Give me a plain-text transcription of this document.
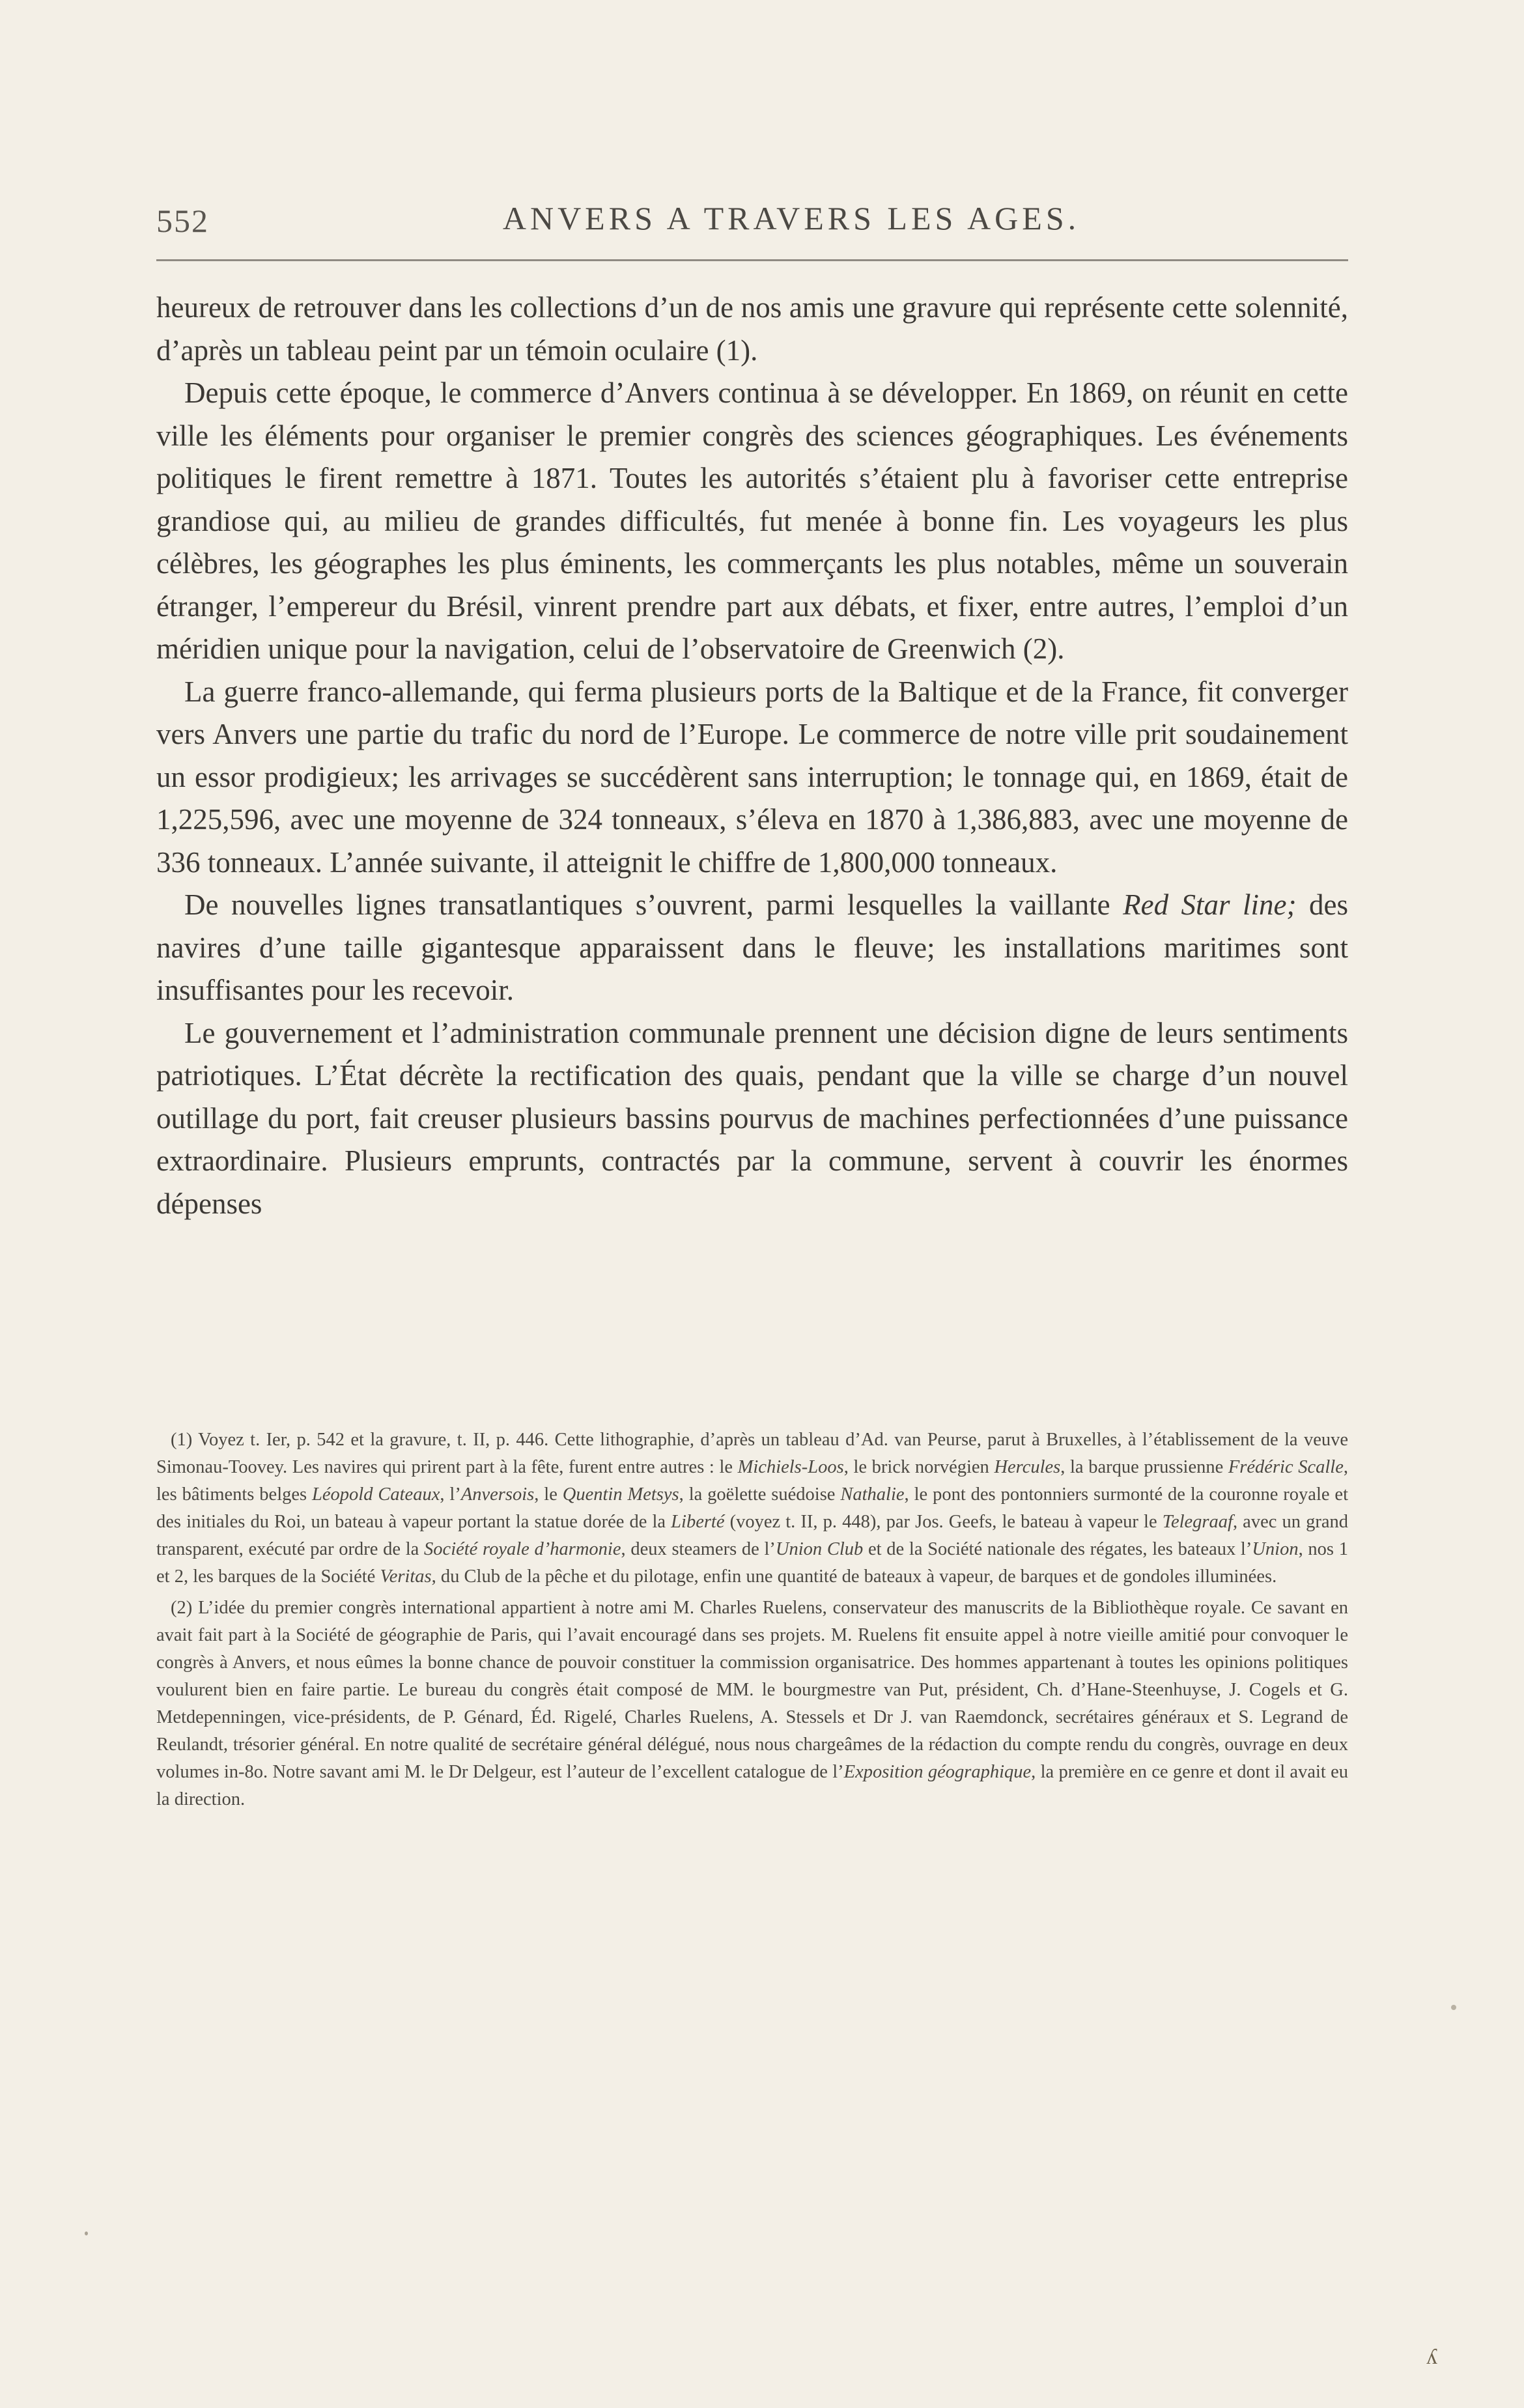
552	ANVERS A TRAVERS LES AGES.

heureux de retrouver dans les collections d’un de nos amis une gravure qui représente cette solennité, d’après un tableau peint par un témoin oculaire (1).

Depuis cette époque, le commerce d’Anvers continua à se développer. En 1869, on réunit en cette ville les éléments pour organiser le premier congrès des sciences géographiques. Les événements politiques le firent remettre à 1871. Toutes les autorités s’étaient plu à favoriser cette entreprise grandiose qui, au milieu de grandes difficultés, fut menée à bonne fin. Les voyageurs les plus célèbres, les géographes les plus éminents, les commerçants les plus notables, même un souverain étranger, l’empereur du Brésil, vinrent prendre part aux débats, et fixer, entre autres, l’emploi d’un méridien unique pour la navigation, celui de l’observatoire de Greenwich (2).

La guerre franco-allemande, qui ferma plusieurs ports de la Baltique et de la France, fit converger vers Anvers une partie du trafic du nord de l’Europe. Le commerce de notre ville prit soudainement un essor prodigieux; les arrivages se succédèrent sans interruption; le tonnage qui, en 1869, était de 1,225,596, avec une moyenne de 324 tonneaux, s’éleva en 1870 à 1,386,883, avec une moyenne de 336 tonneaux. L’année suivante, il atteignit le chiffre de 1,800,000 tonneaux.

De nouvelles lignes transatlantiques s’ouvrent, parmi lesquelles la vaillante Red Star line; des navires d’une taille gigantesque apparaissent dans le fleuve; les installations maritimes sont insuffisantes pour les recevoir.

Le gouvernement et l’administration communale prennent une décision digne de leurs sentiments patriotiques. L’État décrète la rectification des quais, pendant que la ville se charge d’un nouvel outillage du port, fait creuser plusieurs bassins pourvus de machines perfectionnées d’une puissance extraordinaire. Plusieurs emprunts, contractés par la commune, servent à couvrir les énormes dépenses

(1) Voyez t. Ier, p. 542 et la gravure, t. II, p. 446. Cette lithographie, d’après un tableau d’Ad. van Peurse, parut à Bruxelles, à l’établissement de la veuve Simonau-Toovey. Les navires qui prirent part à la fête, furent entre autres : le Michiels-Loos, le brick norvégien Hercules, la barque prussienne Frédéric Scalle, les bâtiments belges Léopold Cateaux, l’Anversois, le Quentin Metsys, la goëlette suédoise Nathalie, le pont des pontonniers surmonté de la couronne royale et des initiales du Roi, un bateau à vapeur portant la statue dorée de la Liberté (voyez t. II, p. 448), par Jos. Geefs, le bateau à vapeur le Telegraaf, avec un grand transparent, exécuté par ordre de la Société royale d’harmonie, deux steamers de l’Union Club et de la Société nationale des régates, les bateaux l’Union, nos 1 et 2, les barques de la Société Veritas, du Club de la pêche et du pilotage, enfin une quantité de bateaux à vapeur, de barques et de gondoles illuminées.

(2) L’idée du premier congrès international appartient à notre ami M. Charles Ruelens, conservateur des manuscrits de la Bibliothèque royale. Ce savant en avait fait part à la Société de géographie de Paris, qui l’avait encouragé dans ses projets. M. Ruelens fit ensuite appel à notre vieille amitié pour convoquer le congrès à Anvers, et nous eûmes la bonne chance de pouvoir constituer la commission organisatrice. Des hommes appartenant à toutes les opinions politiques voulurent bien en faire partie. Le bureau du congrès était composé de MM. le bourgmestre van Put, président, Ch. d’Hane-Steenhuyse, J. Cogels et G. Metdepenningen, vice-présidents, de P. Génard, Éd. Rigelé, Charles Ruelens, A. Stessels et Dr J. van Raemdonck, secrétaires généraux et S. Legrand de Reulandt, trésorier général. En notre qualité de secrétaire général délégué, nous nous chargeâmes de la rédaction du compte rendu du congrès, ouvrage en deux volumes in-8o. Notre savant ami M. le Dr Delgeur, est l’auteur de l’excellent catalogue de l’Exposition géographique, la première en ce genre et dont il avait eu la direction.

ʎ
